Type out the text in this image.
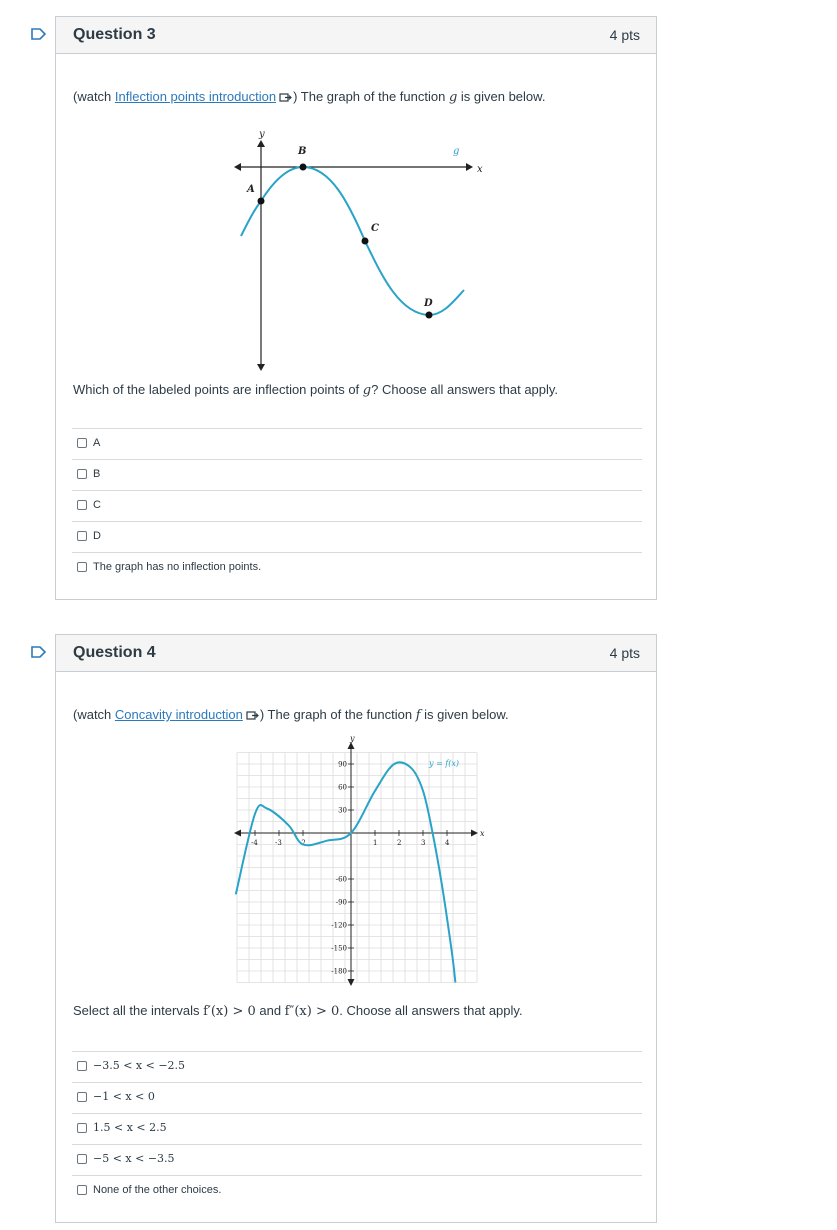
Question 3	4 pts
(watch Inflection points introduction ) The graph of the function g is given below.
y
x
g
A
B
C
D
Which of the labeled points are inflection points of g? Choose all answers that apply.
A
B
C
D
The graph has no inflection points.
Question 4	4 pts
(watch Concavity introduction ) The graph of the function f is given below.
-4 -3 -2	1	2	3	4
90
60
30
-60
-90
-120
-150
-180
y
x
y = f(x)
Select all the intervals f′(x) > 0 and f″(x) > 0. Choose all answers that apply.
−3.5 < x < −2.5
−1 < x < 0
1.5 < x < 2.5
−5 < x < −3.5
None of the other choices.
